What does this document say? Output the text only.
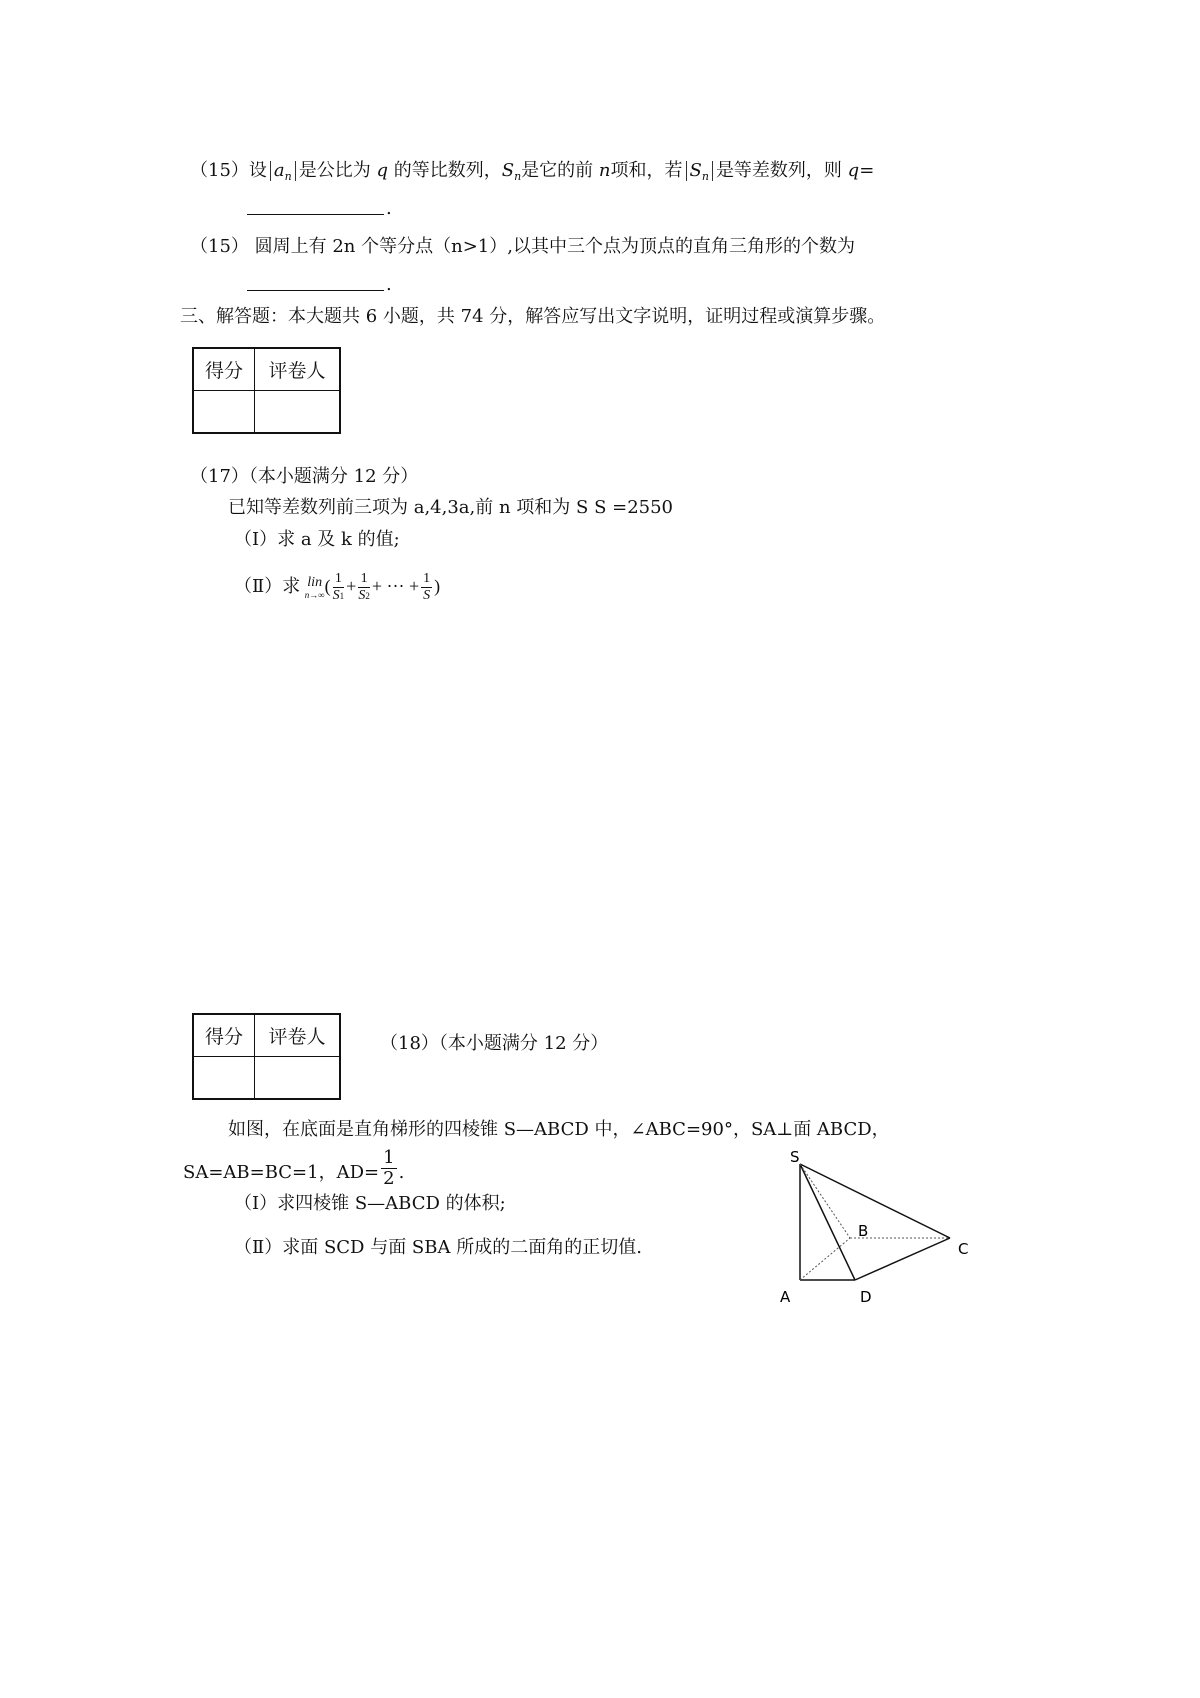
（15）设 $a_n$ 是公比为 q 的等比数列，$S_n$是它的前 n项和，若 $S_n$ 是等差数列，则 q=
.
（15） 圆周上有 2n 个等分点（n>1）,以其中三个点为顶点的直角三角形的个数为
.
三、解答题：本大题共 6 小题，共 74 分，解答应写出文字说明，证明过程或演算步骤。
得分	评卷人

（17）（本小题满分 12 分）
已知等差数列前三项为 a,4,3a,前 n 项和为 S S =2550
（Ⅰ）求 a 及 k 的值;
（Ⅱ）求 lin
n→∞ ( $\frac{1}{S1} + \frac{1}{S2}$ + ··· + $\frac{1}{S}$ )
得分	评卷人
		（18）（本小题满分 12 分）
如图，在底面是直角梯形的四棱锥 S—ABCD 中，∠ABC=90°，SA⊥面 ABCD，
SA=AB=BC=1，$AD= \frac{1}{2}$ .
（Ⅰ）求四棱锥 S—ABCD 的体积;
（Ⅱ）求面 SCD 与面 SBA 所成的二面角的正切值.
S
B
C
A	D
